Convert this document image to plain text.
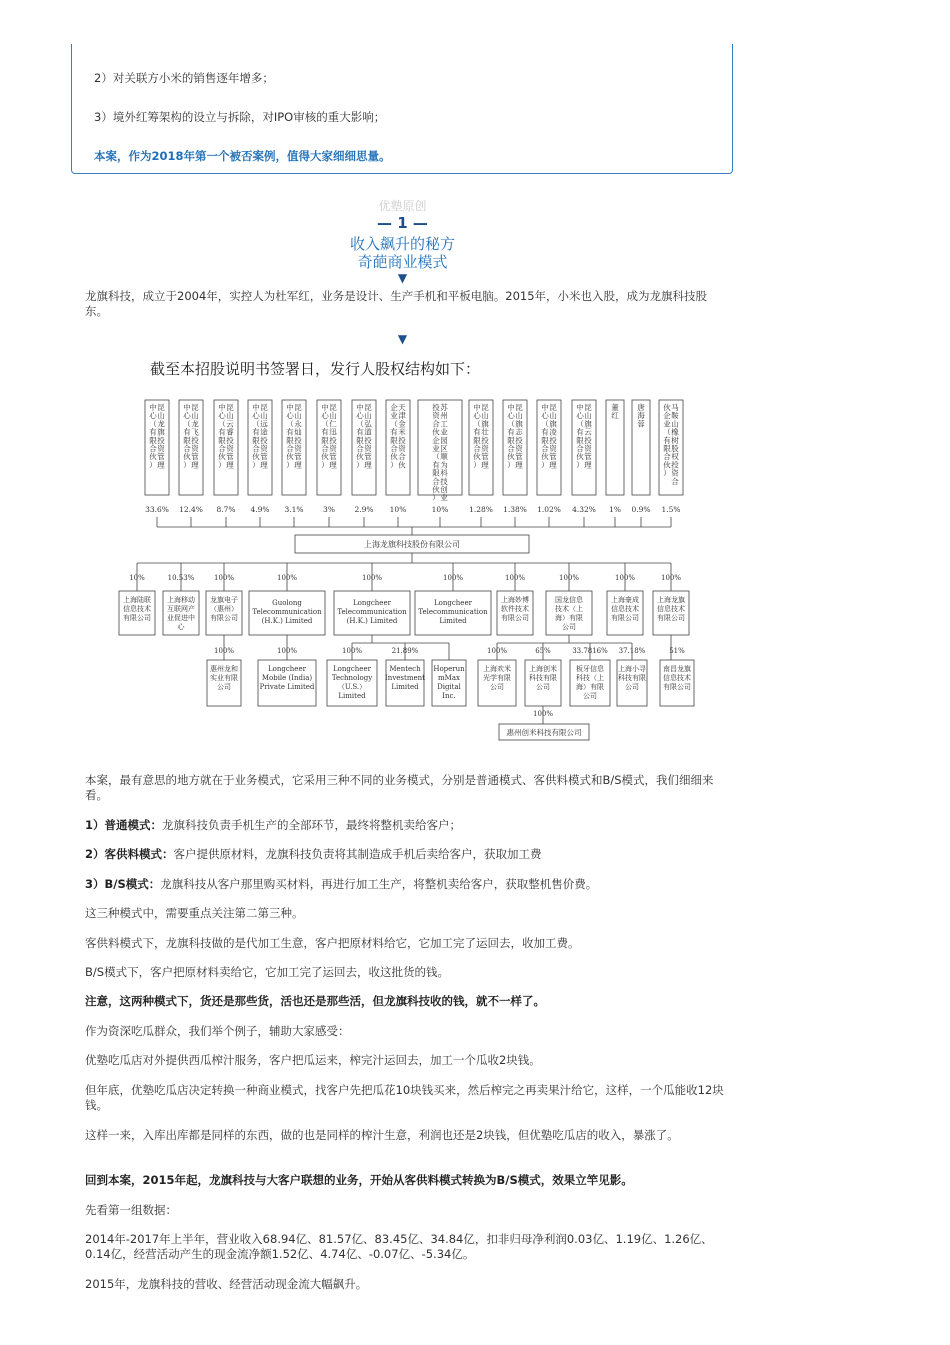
2）对关联方小米的销售逐年增多；
3）境外红筹架构的设立与拆除，对IPO审核的重大影响；
本案，作为2018年第一个被否案例，值得大家细细思量。
优塾原创
— 1 —
收入飙升的秘方
奇葩商业模式
▼
龙旗科技，成立于2004年，实控人为杜军红，业务是设计、生产手机和平板电脑。2015年，小米也入股，成为龙旗科技股东。
▼
截至本招股说明书签署日，发行人股权结构如下：
昆山龙旗投资管理中心（有限合伙）
33.6%
昆山龙飞投资管理中心（有限合伙）
12.4%
昆山云睿投资管理中心（有限合伙）
8.7%
昆山远途投资管理中心（有限合伙）
4.9%
昆山永灿投资管理中心（有限合伙）
3.1%
昆山仁迅投资管理中心（有限合伙）
3%
昆山弘道投资管理中心（有限合伙）
2.9%
天津金米投资合伙企业（有限合伙）
10%
苏州工业园区顺为科技创业投资合伙企业（有限合伙）
10%
昆山旗壮投资管理中心（有限合伙）
1.28%
昆山旗志投资管理中心（有限合伙）
1.38%
昆山旗凌投资管理中心（有限合伙）
1.02%
昆山旗云投资管理中心（有限合伙）
4.32%
董红
1%
唐海蓉
0.9%
马鞍山橡树股权投资合伙企业（有限合伙）
1.5%
上海龙旗科技股份有限公司
10%
上海陆联信息技术有限公司
10.53%
上海移动互联网产业促进中心
100%
龙旗电子（惠州）有限公司
100%
Guolong Telecommunication (H.K.) Limited
100%
Longcheer Telecommunication (H.K.) Limited
100%
Longcheer Telecommunication Limited
100%
上海妙博软件技术有限公司
100%
国龙信息技术（上海）有限公司
100%
上海豪成信息技术有限公司
100%
上海龙旗信息技术有限公司
100%
惠州龙和实业有限公司
100%
Longcheer Mobile (India) Private Limited
100%
Longcheer Technology （U.S.） Limited
21.89%
Mentech Investment Limited
Hoperun mMax Digital Inc.
100%
上海欢米光学有限公司
65%
上海创米科技有限公司
33.7816%
板牙信息科技（上海）有限公司
37.18%
上海小寻科技有限公司
51%
南昌龙旗信息技术有限公司
100%
惠州创米科技有限公司
本案，最有意思的地方就在于业务模式，它采用三种不同的业务模式，分别是普通模式、客供料模式和B/S模式，我们细细来看。
1）普通模式：龙旗科技负责手机生产的全部环节，最终将整机卖给客户；
2）客供料模式：客户提供原材料，龙旗科技负责将其制造成手机后卖给客户，获取加工费
3）B/S模式：龙旗科技从客户那里购买材料，再进行加工生产，将整机卖给客户，获取整机售价费。
这三种模式中，需要重点关注第二第三种。
客供料模式下，龙旗科技做的是代加工生意，客户把原材料给它，它加工完了运回去，收加工费。
B/S模式下，客户把原材料卖给它，它加工完了运回去，收这批货的钱。
注意，这两种模式下，货还是那些货，活也还是那些活，但龙旗科技收的钱，就不一样了。
作为资深吃瓜群众，我们举个例子，辅助大家感受：
优塾吃瓜店对外提供西瓜榨汁服务，客户把瓜运来，榨完汁运回去，加工一个瓜收2块钱。
但年底，优塾吃瓜店决定转换一种商业模式，找客户先把瓜花10块钱买来，然后榨完之再卖果汁给它，这样，一个瓜能收12块钱。
这样一来，入库出库都是同样的东西，做的也是同样的榨汁生意，利润也还是2块钱，但优塾吃瓜店的收入，暴涨了。
回到本案，2015年起，龙旗科技与大客户联想的业务，开始从客供料模式转换为B/S模式，效果立竿见影。
先看第一组数据：
2014年-2017年上半年，营业收入68.94亿、81.57亿、83.45亿、34.84亿，扣非归母净利润0.03亿、1.19亿、1.26亿、0.14亿，经营活动产生的现金流净额1.52亿、4.74亿、-0.07亿、-5.34亿。
2015年，龙旗科技的营收、经营活动现金流大幅飙升。
